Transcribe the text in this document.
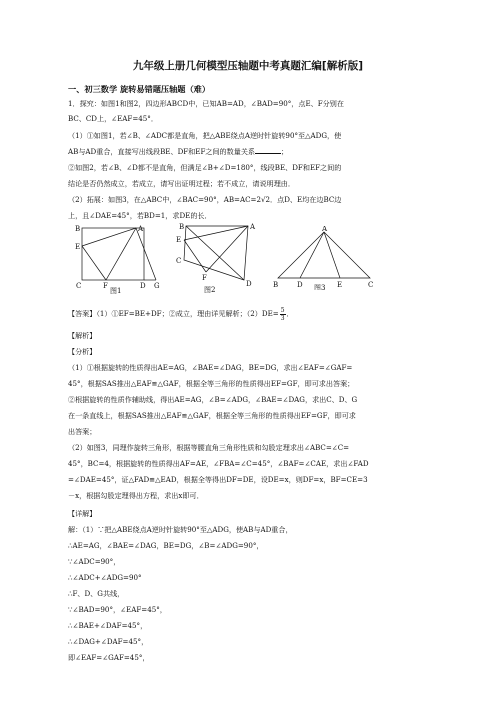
九年级上册几何模型压轴题中考真题汇编[解析版]
一、初三数学 旋转易错题压轴题（难）
1．探究：如图1和图2，四边形ABCD中，已知AB=AD，∠BAD=90°，点E、F分别在
BC、CD上，∠EAF=45°．
（1）①如图1，若∠B、∠ADC都是直角，把△ABE绕点A逆时针旋转90°至△ADG，使
AB与AD重合，直接写出线段BE、DF和EF之间的数量关系	；
②如图2，若∠B、∠D都不是直角，但满足∠B+∠D=180°，线段BE、DF和EF之间的
结论是否仍然成立，若成立，请写出证明过程；若不成立，请说明理由．
（2）拓展：如图3，在△ABC中，∠BAC=90°，AB=AC=2√2．点D、E均在边BC边
上，且∠DAE=45°，若BD=1，求DE的长．
B	A
E
C	F	D G
图1
B	A
E
C
F
D
图2
A
B	D	E	C
图3
【答案】（1）①EF=BE+DF；②成立，理由详见解析；$(2)DE= \frac{5}{3}$ ．
【解析】
【分析】
（1）①根据旋转的性质得出AE=AG，∠BAE=∠DAG，BE=DG，求出∠EAF=∠GAF=
45°，根据SAS推出△EAF≌△GAF，根据全等三角形的性质得出EF=GF，即可求出答案；
②根据旋转的性质作辅助线，得出AE=AG，∠B=∠ADG，∠BAE=∠DAG，求出C、D、G
在一条直线上，根据SAS推出△EAF≌△GAF，根据全等三角形的性质得出EF=GF，即可求
出答案；
（2）如图3，同理作旋转三角形，根据等腰直角三角形性质和勾股定理求出∠ABC=∠C=
45°，BC=4，根据旋转的性质得出AF=AE，∠FBA=∠C=45°，∠BAF=∠CAE，求出∠FAD
=∠DAE=45°，证△FAD≌△EAD，根据全等得出DF=DE，设DE=x，则DF=x，BF=CE=3
－x，根据勾股定理得出方程，求出x即可．
【详解】
解：（1）∵把△ABE绕点A逆时针旋转90°至△ADG，使AB与AD重合，
∴AE=AG，∠BAE=∠DAG，BE=DG，∠B=∠ADG=90°，
∵∠ADC=90°，
∴∠ADC+∠ADG=90°
∴F、D、G共线，
∵∠BAD=90°，∠EAF=45°，
∴∠BAE+∠DAF=45°，
∴∠DAG+∠DAF=45°，
即∠EAF=∠GAF=45°，
